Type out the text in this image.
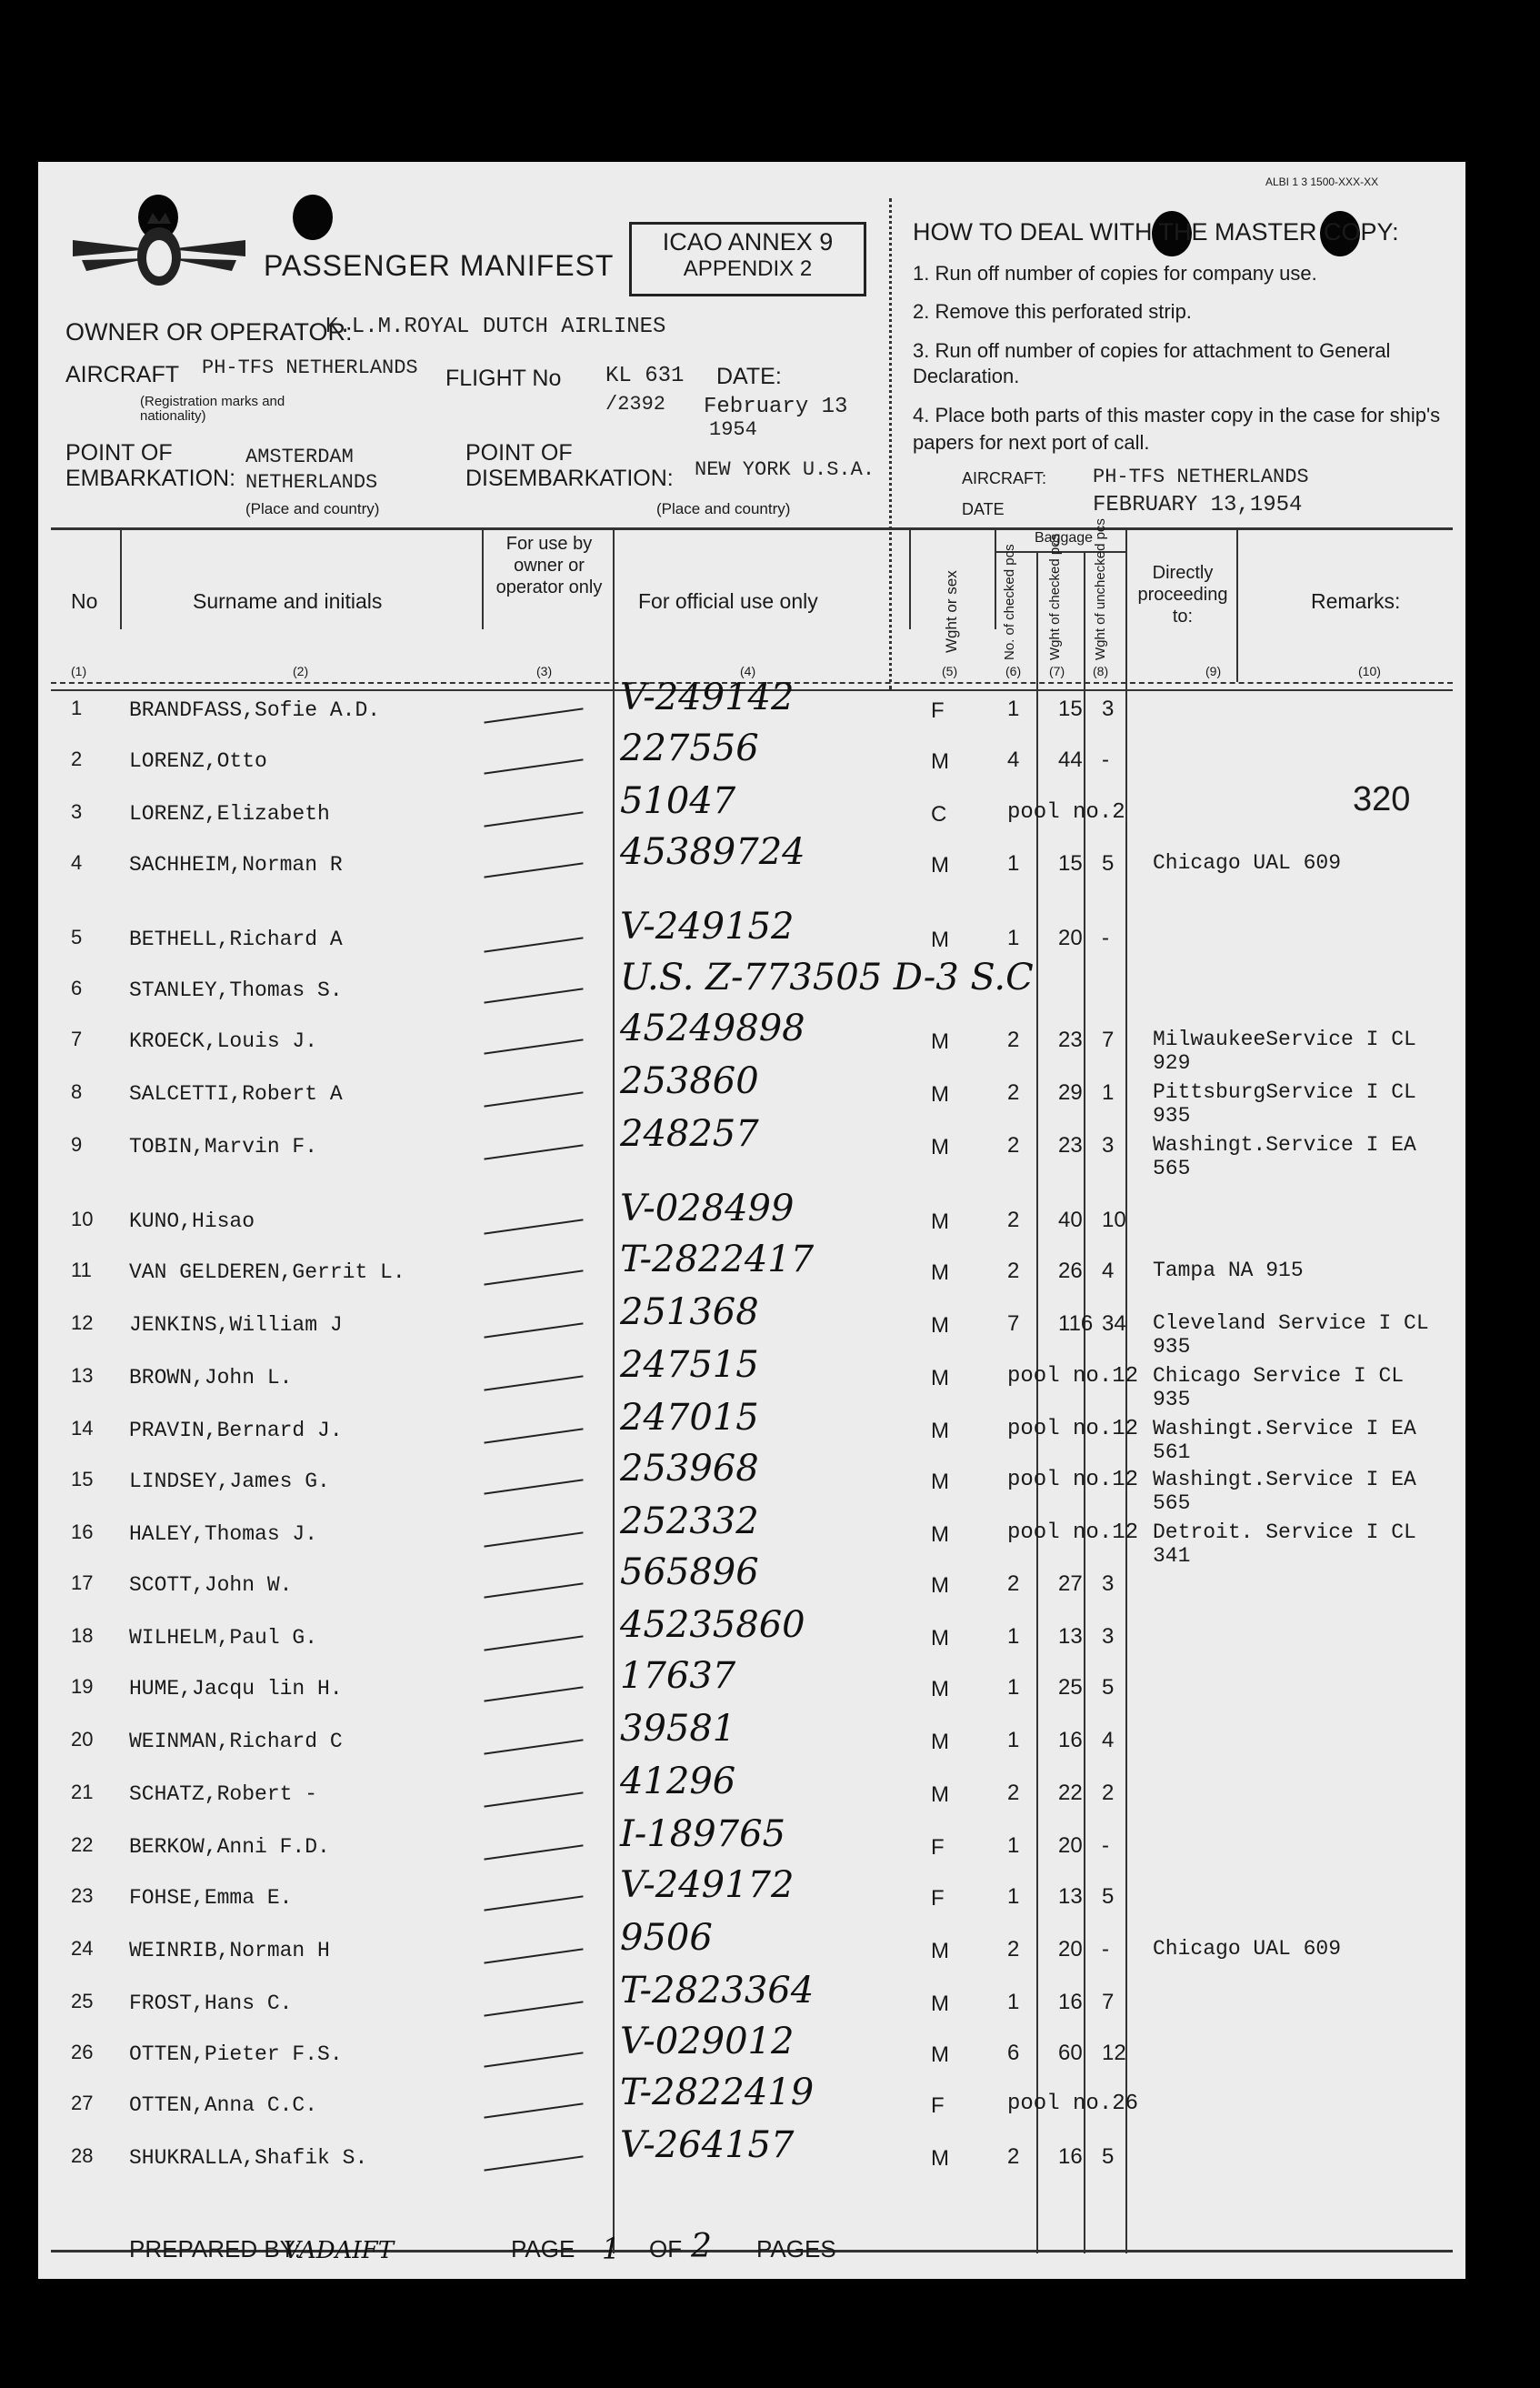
ALBI 1 3 1500-XXX-XX
PASSENGER MANIFEST
ICAO ANNEX 9
APPENDIX 2
OWNER OR OPERATOR:
K.L.M.ROYAL DUTCH AIRLINES
AIRCRAFT PH-TFS NETHERLANDS
(Registration marks and nationality)
FLIGHT No KL 631
/2392
DATE:
February 13
1954
POINT OF
EMBARKATION:
AMSTERDAM
NETHERLANDS
(Place and country)
POINT OF
DISEMBARKATION: NEW YORK U.S.A.
(Place and country)
HOW TO DEAL WITH THE MASTER COPY:
1. Run off number of copies for company use.
2. Remove this perforated strip.
3. Run off number of copies for attachment to General Declaration.
4. Place both parts of this master copy in the case for ship's papers for next port of call.
AIRCRAFT: PH-TFS NETHERLANDS
DATE	FEBRUARY 13,1954
No	Surname and initials
For use by owner or operator only
For official use only	Wght or sex
Baggage
No. of checked pcs Wght of checked pcs Wght of unchecked pcs	Directly proceeding to:
Remarks:
(1)	(2)	(3)	(4)	(5)	(6) (7) (8)	(9)	(10)
320
1 BRANDFASS,Sofie A.D.	V-249142	F	1 15 3
2 LORENZ,Otto	227556	M	4 44 -
3 LORENZ,Elizabeth	51047	C	pool no.2
4 SACHHEIM,Norman R	45389724	M	1 15 5 Chicago UAL 609
5 BETHELL,Richard A	V-249152	M	1 20 -
6 STANLEY,Thomas S.	U.S. Z-773505 D-3 S.C
7 KROECK,Louis J.	45249898	M	2 23 7 MilwaukeeService I CL 929
8 SALCETTI,Robert A	253860	M	2 29 1 PittsburgService I CL 935
9 TOBIN,Marvin F.	248257	M	2 23 3 Washingt.Service I EA 565
10 KUNO,Hisao	V-028499	M	2 40 10
11 VAN GELDEREN,Gerrit L.	T-2822417	M	2 26 4 Tampa NA 915
12 JENKINS,William J	251368	M	7 116 34 Cleveland Service I CL 935
13 BROWN,John L.	247515	M	pool no.12 Chicago Service I CL 935
14 PRAVIN,Bernard J.	247015	M	pool no.12 Washingt.Service I EA 561
15 LINDSEY,James G.	253968	M	pool no.12 Washingt.Service I EA 565
16 HALEY,Thomas J.	252332	M	pool no.12 Detroit. Service I CL 341
17 SCOTT,John W.	565896	M	2 27 3
18 WILHELM,Paul G.	45235860	M	1 13 3
19 HUME,Jacqu lin H.	17637	M	1 25 5
20 WEINMAN,Richard C	39581	M	1 16 4
21 SCHATZ,Robert -	41296	M	2 22 2
22 BERKOW,Anni F.D.	I-189765	F	1 20 -
23 FOHSE,Emma E.	V-249172	F	1 13 5
24 WEINRIB,Norman H	9506	M	2 20 - Chicago UAL 609
25 FROST,Hans C.	T-2823364	M	1 16 7
26 OTTEN,Pieter F.S.	V-029012	M	6 60 12
27 OTTEN,Anna C.C.	T-2822419	F	pool no.26
28 SHUKRALLA,Shafik S.	V-264157	M	2 16 5
PREPARED BY:
VADAIFT	PAGE 1 OF 2 PAGES
